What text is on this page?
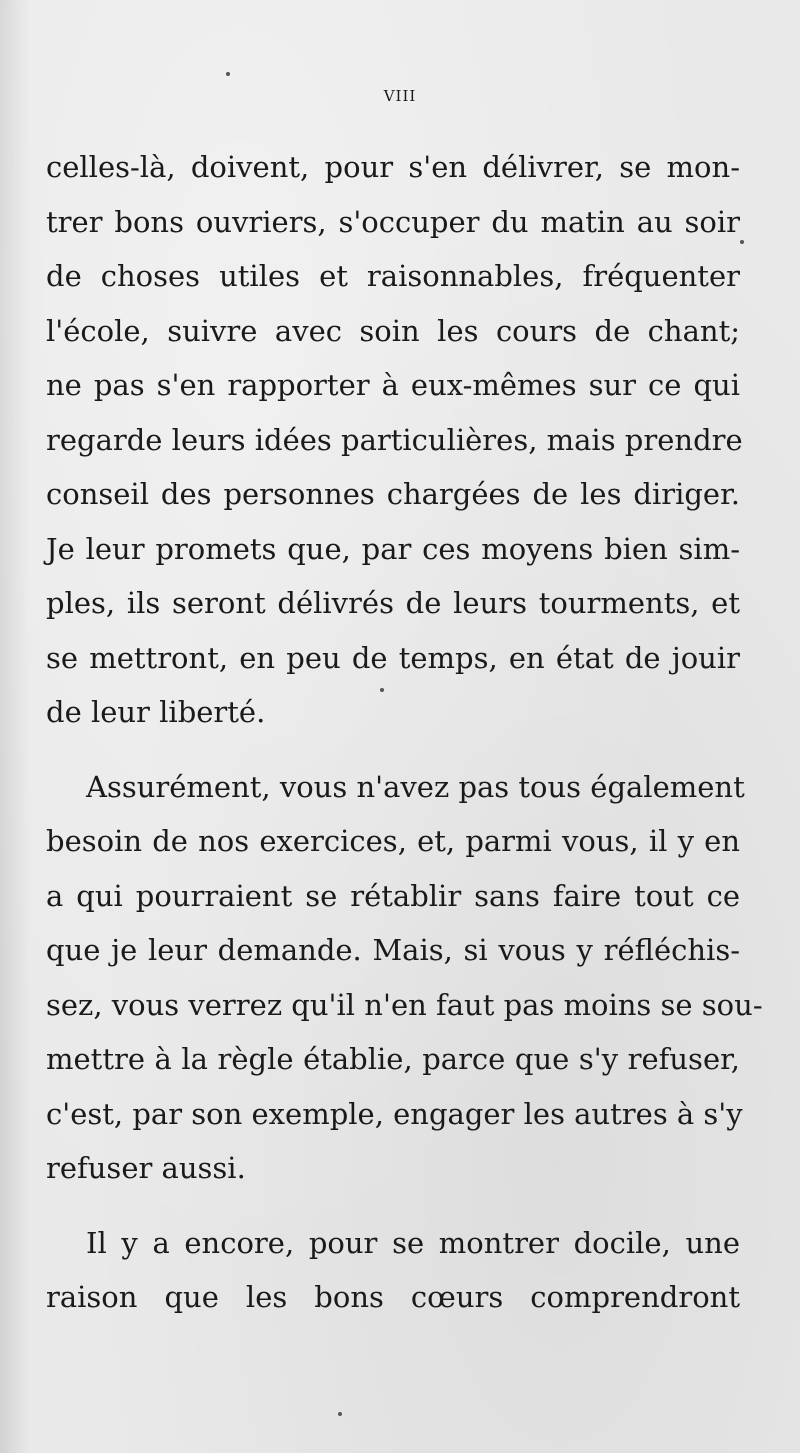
viii
celles-là, doivent, pour s'en délivrer, se mon-
trer bons ouvriers, s'occuper du matin au soir
de choses utiles et raisonnables, fréquenter
l'école, suivre avec soin les cours de chant;
ne pas s'en rapporter à eux-mêmes sur ce qui
regarde leurs idées particulières, mais prendre
conseil des personnes chargées de les diriger.
Je leur promets que, par ces moyens bien sim-
ples, ils seront délivrés de leurs tourments, et
se mettront, en peu de temps, en état de jouir
de leur liberté.
Assurément, vous n'avez pas tous également
besoin de nos exercices, et, parmi vous, il y en
a qui pourraient se rétablir sans faire tout ce
que je leur demande. Mais, si vous y réfléchis-
sez, vous verrez qu'il n'en faut pas moins se sou-
mettre à la règle établie, parce que s'y refuser,
c'est, par son exemple, engager les autres à s'y
refuser aussi.
Il y a encore, pour se montrer docile, une
raison que les bons cœurs comprendront
